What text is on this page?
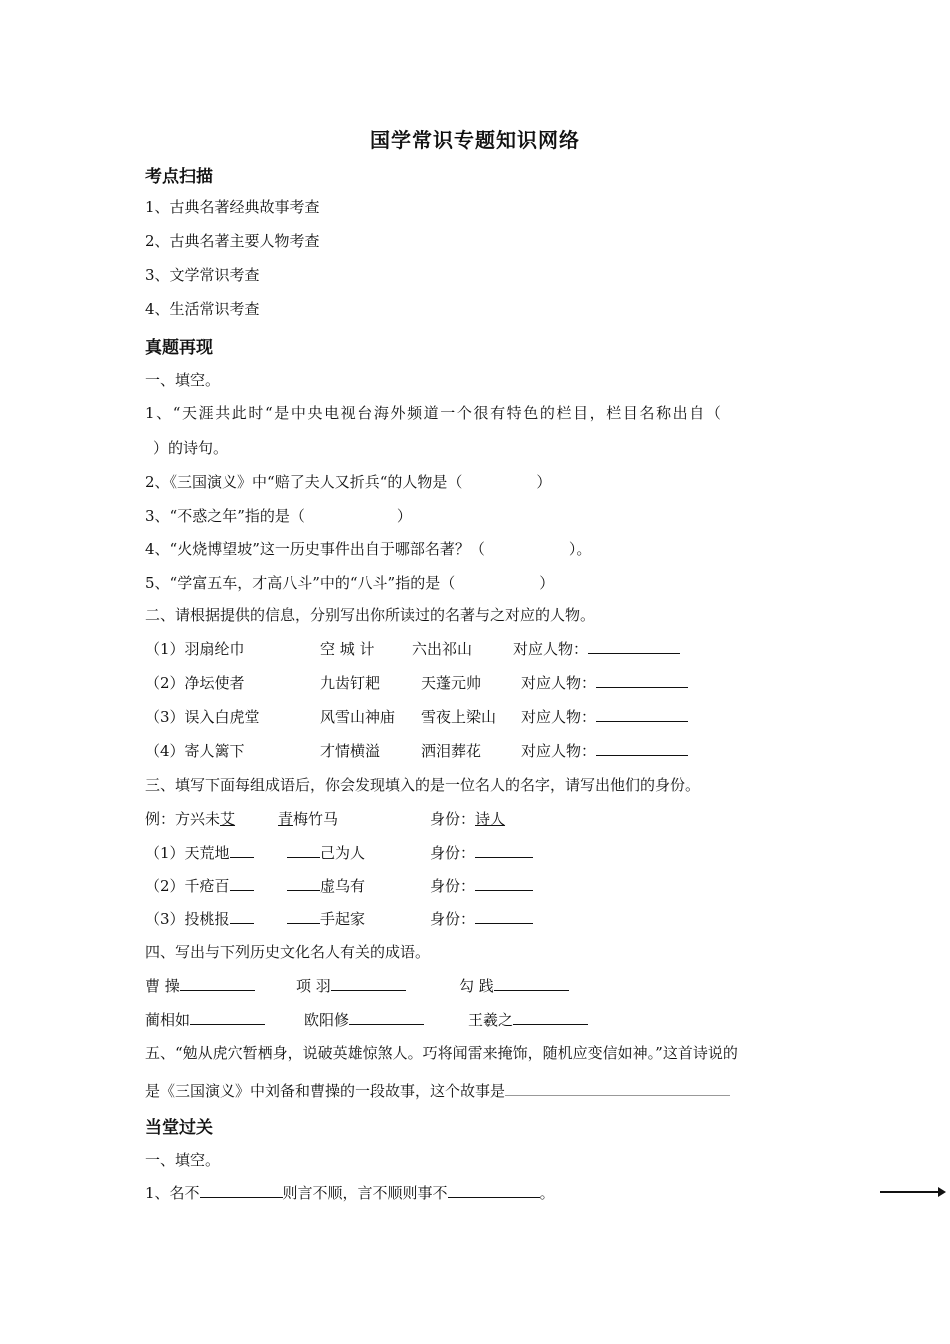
国学常识专题知识网络
考点扫描
1、古典名著经典故事考查
2、古典名著主要人物考查
3、文学常识考查
4、生活常识考查
真题再现
一、填空。
1、“天涯共此时“是中央电视台海外频道一个很有特色的栏目，栏目名称出自（
）的诗句。
2、《三国演义》中“赔了夫人又折兵“的人物是（	）
3、“不惑之年”指的是（	）
4、“火烧博望坡”这一历史事件出自于哪部名著？（	）。
5、“学富五车，才高八斗”中的“八斗”指的是（	）
二、请根据提供的信息，分别写出你所读过的名著与之对应的人物。
（1）羽扇纶巾	空 城 计 六出祁山	对应人物：
（2）净坛使者	九齿钉耙	天蓬元帅	对应人物：
（3）误入白虎堂	风雪山神庙 雪夜上梁山 对应人物：
（4）寄人篱下	才情横溢	洒泪葬花	对应人物：
三、填写下面每组成语后，你会发现填入的是一位名人的名字，请写出他们的身份。
例：方兴未艾	青梅竹马	身份：诗人
（1）天荒地	己为人	身份：
（2）千疮百	虚乌有	身份：
（3）投桃报	手起家	身份：
四、写出与下列历史文化名人有关的成语。
曹 操	项 羽	勾 践
蔺相如	欧阳修	王羲之
五、“勉从虎穴暂栖身，说破英雄惊煞人。巧将闻雷来掩饰，随机应变信如神。”这首诗说的
是《三国演义》中刘备和曹操的一段故事，这个故事是
当堂过关
一、填空。
1、名不	则言不顺，言不顺则事不	。
